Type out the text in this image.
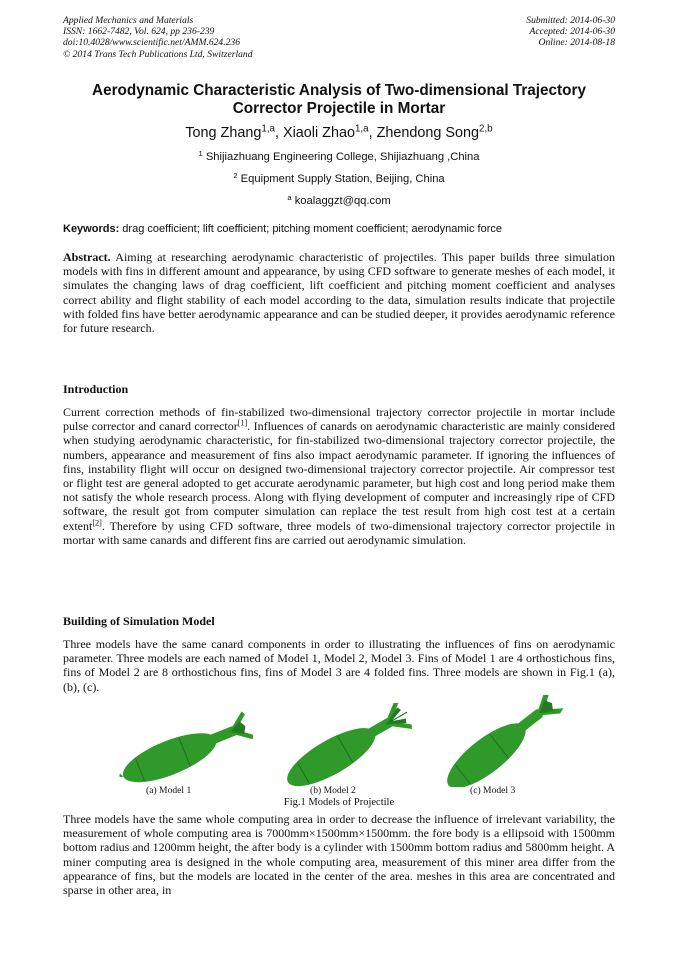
Applied Mechanics and Materials
ISSN: 1662-7482, Vol. 624, pp 236-239
doi:10.4028/www.scientific.net/AMM.624.236
© 2014 Trans Tech Publications Ltd, Switzerland
Submitted: 2014-06-30
Accepted: 2014-06-30
Online: 2014-08-18
Aerodynamic Characteristic Analysis of Two-dimensional Trajectory
Corrector Projectile in Mortar
Tong Zhang$^{1,a}$, Xiaoli Zhao$^{1,a}$, Zhendong Song$^{2,b}$
$^1$ Shijiazhuang Engineering College, Shijiazhuang ,China
$^2$ Equipment Supply Station, Beijing, China
$^a$ koalaggzt@qq.com
Keywords: drag coefficient; lift coefficient; pitching moment coefficient; aerodynamic force
Abstract. Aiming at researching aerodynamic characteristic of projectiles. This paper builds three simulation models with fins in different amount and appearance, by using CFD software to generate meshes of each model, it simulates the changing laws of drag coefficient, lift coefficient and pitching moment coefficient and analyses correct ability and flight stability of each model according to the data, simulation results indicate that projectile with folded fins have better aerodynamic appearance and can be studied deeper, it provides aerodynamic reference for future research.
Introduction
Current correction methods of fin-stabilized two-dimensional trajectory corrector projectile in mortar include pulse corrector and canard corrector[1]. Influences of canards on aerodynamic characteristic are mainly considered when studying aerodynamic characteristic, for fin-stabilized two-dimensional trajectory corrector projectile, the numbers, appearance and measurement of fins also impact aerodynamic parameter. If ignoring the influences of fins, instability flight will occur on designed two-dimensional trajectory corrector projectile. Air compressor test or flight test are general adopted to get accurate aerodynamic parameter, but high cost and long period make them not satisfy the whole research process. Along with flying development of computer and increasingly ripe of CFD software, the result got from computer simulation can replace the test result from high cost test at a certain extent[2]. Therefore by using CFD software, three models of two-dimensional trajectory corrector projectile in mortar with same canards and different fins are carried out aerodynamic simulation.
Building of Simulation Model
Three models have the same canard components in order to illustrating the influences of fins on aerodynamic parameter. Three models are each named of Model 1, Model 2, Model 3. Fins of Model 1 are 4 orthostichous fins, fins of Model 2 are 8 orthostichous fins, fins of Model 3 are 4 folded fins. Three models are shown in Fig.1 (a), (b), (c).
(a) Model 1	(b) Model 2	(c) Model 3
Fig.1 Models of Projectile
Three models have the same whole computing area in order to decrease the influence of irrelevant variability, the measurement of whole computing area is 7000mm×1500mm×1500mm. the fore body is a ellipsoid with 1500mm bottom radius and 1200mm height, the after body is a cylinder with 1500mm bottom radius and 5800mm height. A miner computing area is designed in the whole computing area, measurement of this miner area differ from the appearance of fins, but the models are located in the center of the area. meshes in this area are concentrated and sparse in other area, in
